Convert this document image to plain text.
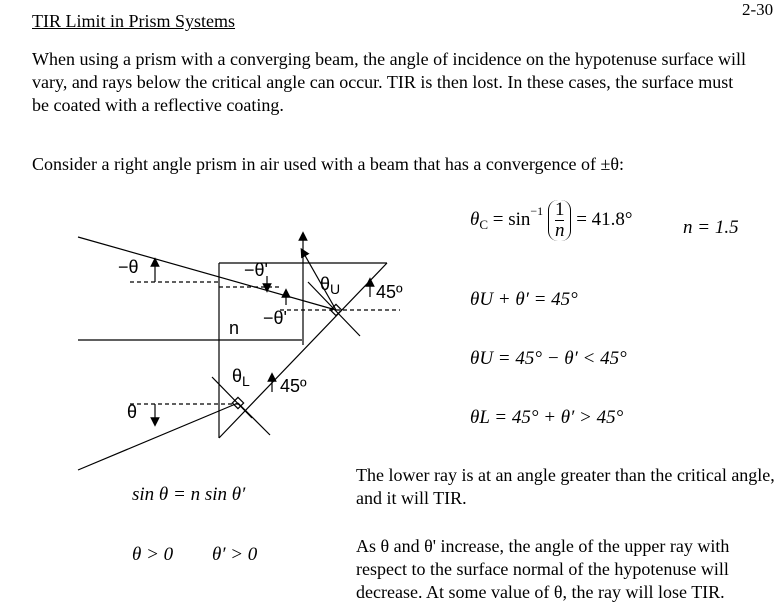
2-30
TIR Limit in Prism Systems
When using a prism with a converging beam, the angle of incidence on the hypotenuse surface will vary, and rays below the critical angle can occur. TIR is then lost. In these cases, the surface must be coated with a reflective coating.
Consider a right angle prism in air used with a beam that has a convergence of ±θ:
−θ
θ
−θ'
−θ'
n
$\theta_U$
$\theta_L$
45º
45º
$\theta_C = \sin^{-1} \frac{1}{n} = 41.8^\circ$	n = 1.5
θU + θ′ = 45°
θU = 45° − θ′ < 45°
θL = 45° + θ′ > 45°
sin θ = n sin θ′
θ > 0 θ′ > 0
The lower ray is at an angle greater than the critical angle, and it will TIR.
As θ and θ' increase, the angle of the upper ray with respect to the surface normal of the hypotenuse will decrease. At some value of θ, the ray will lose TIR.
